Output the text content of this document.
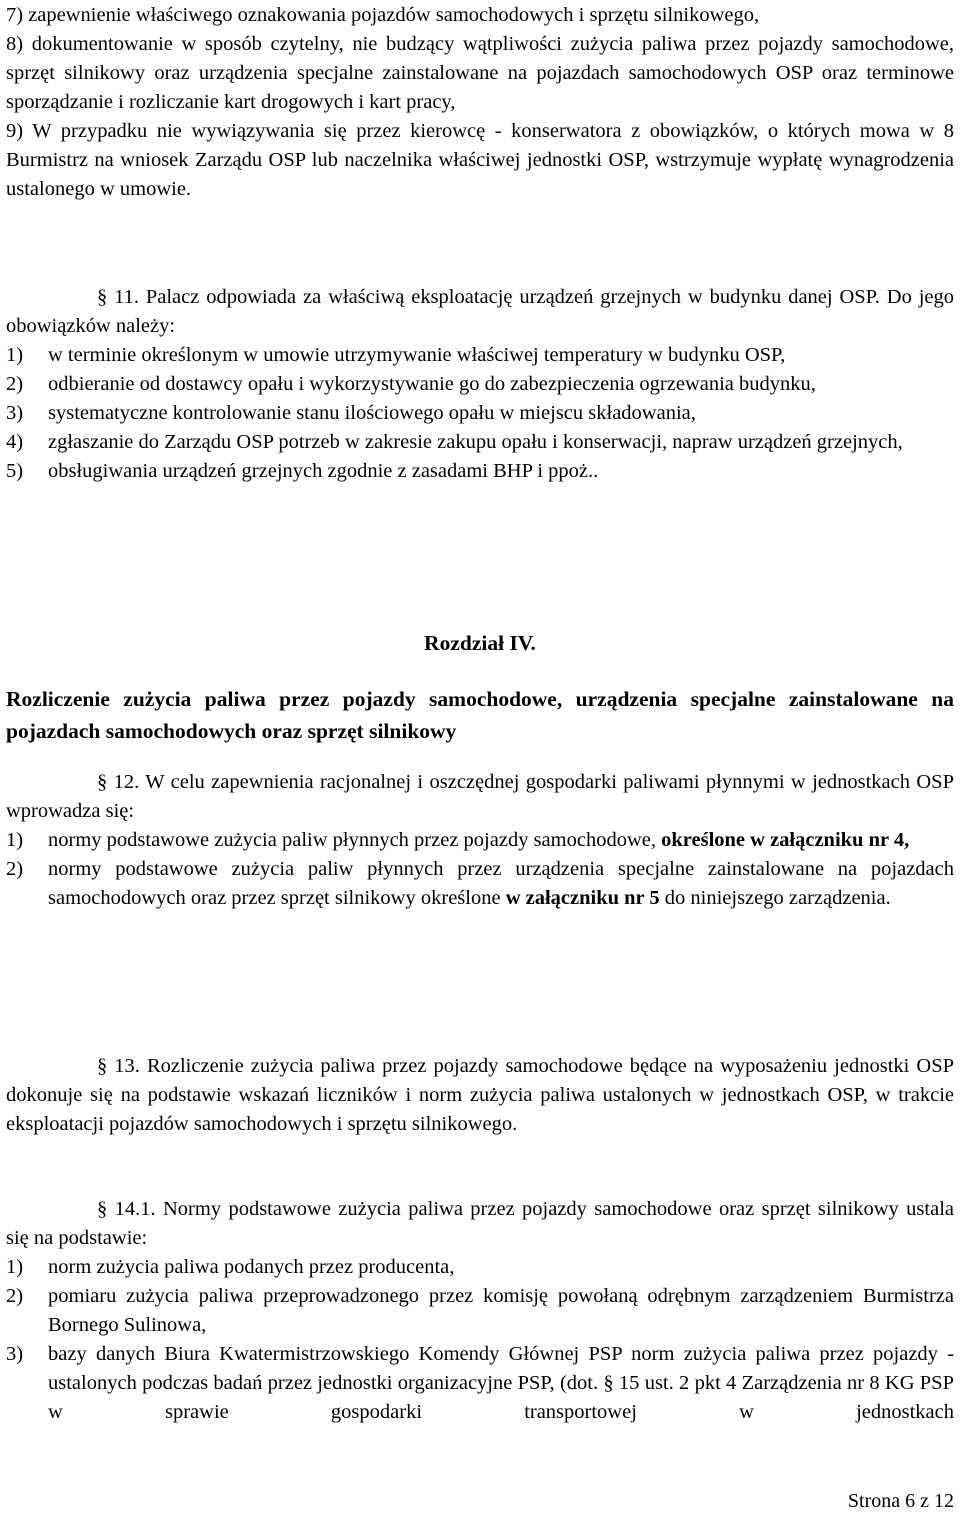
7) zapewnienie właściwego oznakowania pojazdów samochodowych i sprzętu silnikowego,
8) dokumentowanie w sposób czytelny, nie budzący wątpliwości zużycia paliwa przez pojazdy samochodowe, sprzęt silnikowy oraz urządzenia specjalne zainstalowane na pojazdach samochodowych OSP oraz terminowe sporządzanie i rozliczanie kart drogowych i kart pracy,
9) W przypadku nie wywiązywania się przez kierowcę - konserwatora z obowiązków, o których mowa w 8 Burmistrz na wniosek Zarządu OSP lub naczelnika właściwej jednostki OSP, wstrzymuje wypłatę wynagrodzenia ustalonego w umowie.
§ 11. Palacz odpowiada za właściwą eksploatację urządzeń grzejnych w budynku danej OSP. Do jego obowiązków należy:
1) w terminie określonym w umowie utrzymywanie właściwej temperatury w budynku OSP,
2) odbieranie od dostawcy opału i wykorzystywanie go do zabezpieczenia ogrzewania budynku,
3) systematyczne kontrolowanie stanu ilościowego opału w miejscu składowania,
4) zgłaszanie do Zarządu OSP potrzeb w zakresie zakupu opału i konserwacji, napraw urządzeń grzejnych,
5) obsługiwania urządzeń grzejnych zgodnie z zasadami BHP i ppoż..
Rozdział IV.
Rozliczenie zużycia paliwa przez pojazdy samochodowe, urządzenia specjalne zainstalowane na pojazdach samochodowych oraz sprzęt silnikowy
§ 12. W celu zapewnienia racjonalnej i oszczędnej gospodarki paliwami płynnymi w jednostkach OSP wprowadza się:
1) normy podstawowe zużycia paliw płynnych przez pojazdy samochodowe, określone w załączniku nr 4,
2) normy podstawowe zużycia paliw płynnych przez urządzenia specjalne zainstalowane na pojazdach samochodowych oraz przez sprzęt silnikowy określone w załączniku nr 5 do niniejszego zarządzenia.
§ 13. Rozliczenie zużycia paliwa przez pojazdy samochodowe będące na wyposażeniu jednostki OSP dokonuje się na podstawie wskazań liczników i norm zużycia paliwa ustalonych w jednostkach OSP, w trakcie eksploatacji pojazdów samochodowych i sprzętu silnikowego.
§ 14.1. Normy podstawowe zużycia paliwa przez pojazdy samochodowe oraz sprzęt silnikowy ustala się na podstawie:
1) norm zużycia paliwa podanych przez producenta,
2) pomiaru zużycia paliwa przeprowadzonego przez komisję powołaną odrębnym zarządzeniem Burmistrza Bornego Sulinowa,
3) bazy danych Biura Kwatermistrzowskiego Komendy Głównej PSP norm zużycia paliwa przez pojazdy - ustalonych podczas badań przez jednostki organizacyjne PSP, (dot. § 15 ust. 2 pkt 4 Zarządzenia nr 8 KG PSP w sprawie gospodarki transportowej w jednostkach
Strona 6 z 12
